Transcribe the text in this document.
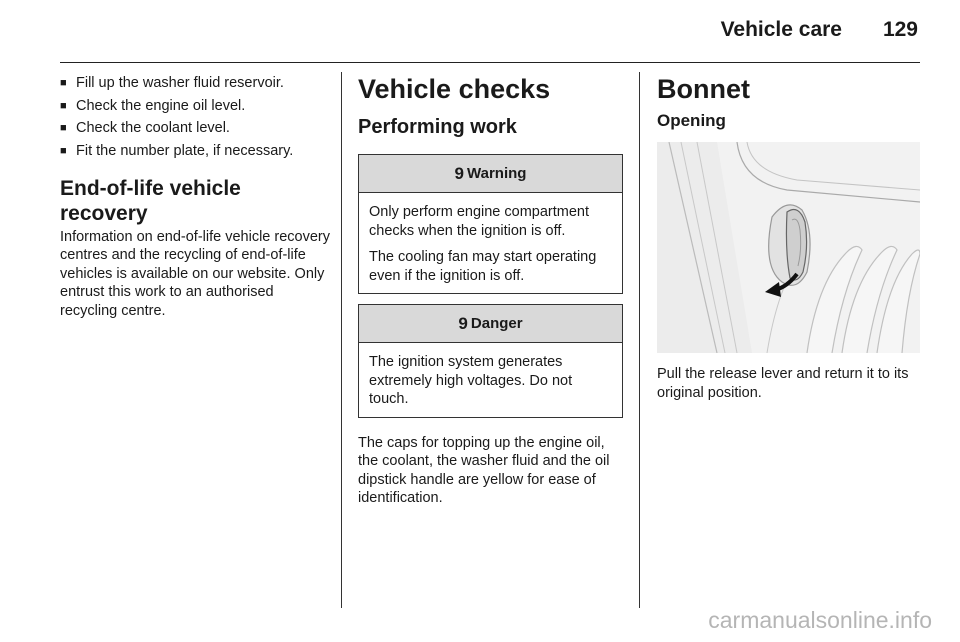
Vehicle care 129
■ Fill up the washer fluid reservoir.
■ Check the engine oil level.
■ Check the coolant level.
■ Fit the number plate, if necessary.
End-of-life vehicle
recovery

Information on end-of-life vehicle recovery centres and the recycling of end-of-life vehicles is available on our website. Only entrust this work to an authorised recycling centre.

Vehicle checks
Performing work
9 Warning

Only perform engine compartment checks when the ignition is off.

The cooling fan may start operating even if the ignition is off.

9 Danger

The ignition system generates extremely high voltages. Do not touch.

The caps for topping up the engine oil, the coolant, the washer fluid and the oil dipstick handle are yellow for ease of identification.

Bonnet
Opening

Pull the release lever and return it to its original position.

carmanualsonline.info
